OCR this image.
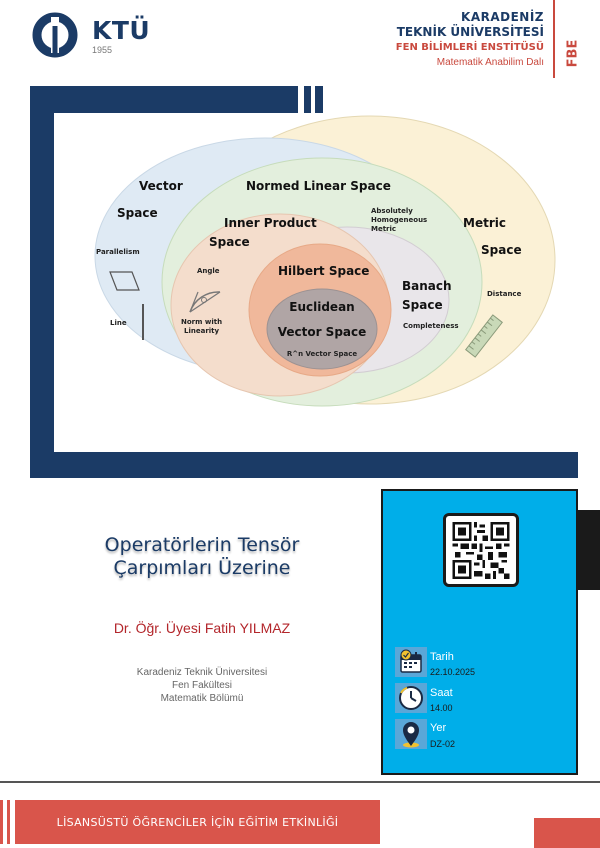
KTÜ
1955
KARADENİZ
TEKNİK ÜNİVERSİTESİ
FEN BİLİMLERİ ENSTİTÜSÜ
Matematik Anabilim Dalı FBE
Vector
Space
Normed Linear Space
Absolutely
Homogeneous
Metric	Metric
Space
Inner Product
Space
Hilbert Space
Banach
Space
Euclidean
Vector Space
R^n Vector Space
Parallelism
Line
Angle
Norm with
Linearity
Distance
Completeness
Operatörlerin Tensör
Çarpımları Üzerine
Dr. Öğr. Üyesi Fatih YILMAZ
Karadeniz Teknik Üniversitesi
Fen Fakültesi
Matematik Bölümü
Tarih
22.10.2025
Saat
14.00
Yer
DZ-02
LİSANSÜSTÜ ÖĞRENCİLER İÇİN EĞİTİM ETKİNLİĞİ
